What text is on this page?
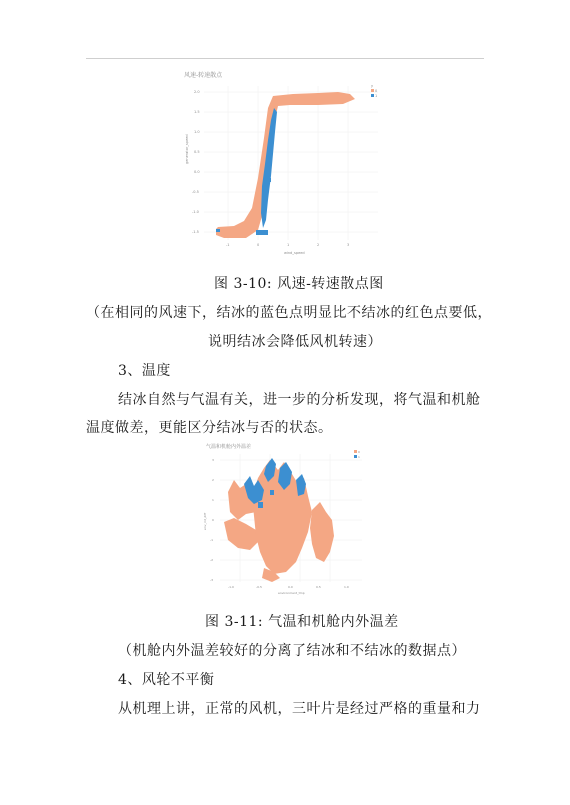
风速-转速散点
2.0
1.5
1.0
0.5
0.0
-0.5
-1.0
-1.5
-1	0	1	2	3
y
0
1
wind_speed
generator_speed
图 3-10: 风速-转速散点图
（在相同的风速下，结冰的蓝色点明显比不结冰的红色点要低，
说明结冰会降低风机转速）
3、温度
结冰自然与气温有关，进一步的分析发现，将气温和机舱
温度做差，更能区分结冰与否的状态。
气温和机舱内外温差
3
2
1
0
-1
-2
-3
-1.0	-0.5	0.0	0.5	1.0
0
1
environment_tmp
env_int_diff
图 3-11: 气温和机舱内外温差
（机舱内外温差较好的分离了结冰和不结冰的数据点）
4、风轮不平衡
从机理上讲，正常的风机，三叶片是经过严格的重量和力
